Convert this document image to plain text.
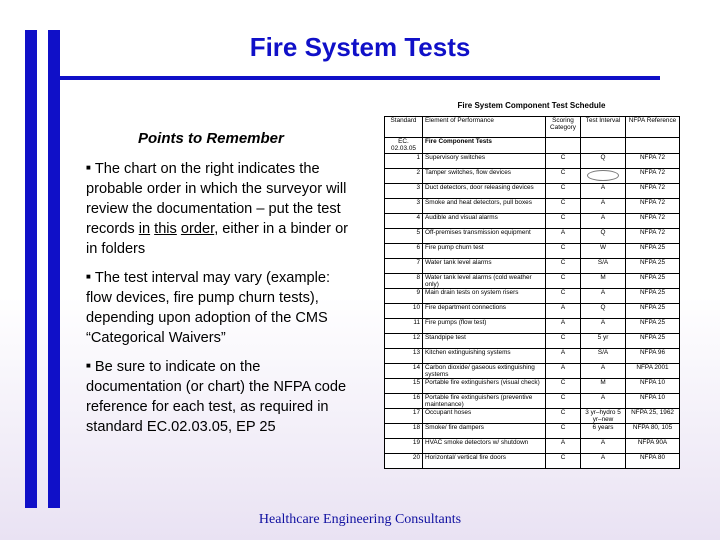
Fire System Tests
Points to Remember
■ The chart on the right indicates the probable order in which the surveyor will review the documentation – put the test records in this order, either in a binder or in folders
■ The test interval may vary (example: flow devices, fire pump churn tests), depending upon adoption of the CMS “Categorical Waivers”
■ Be sure to indicate on the documentation (or chart) the NFPA code reference for each test, as required in standard EC.02.03.05, EP 25
Fire System Component Test Schedule
Standard	Element of Performance	Scoring Category	Test Interval	NFPA Reference
EC. 02.03.05	Fire Component Tests			
1	Supervisory switches	C	Q	NFPA 72
2	Tamper switches, flow devices	C		NFPA 72
3	Duct detectors, door releasing devices	C	A	NFPA 72
3	Smoke and heat detectors, pull boxes	C	A	NFPA 72
4	Audible and visual alarms	C	A	NFPA 72
5	Off-premises transmission equipment	A	Q	NFPA 72
6	Fire pump churn test	C	W	NFPA 25
7	Water tank level alarms	C	S/A	NFPA 25
8	Water tank level alarms (cold weather only)	C	M	NFPA 25
9	Main drain tests on system risers	C	A	NFPA 25
10	Fire department connections	A	Q	NFPA 25
11	Fire pumps (flow test)	A	A	NFPA 25
12	Standpipe test	C	5 yr	NFPA 25
13	Kitchen extinguishing systems	A	S/A	NFPA 96
14	Carbon dioxide/ gaseous extinguishing systems	A	A	NFPA 2001
15	Portable fire extinguishers (visual check)	C	M	NFPA 10
16	Portable fire extinguishers (preventive maintenance)	C	A	NFPA 10
17	Occupant hoses	C	3 yr–hydro 5 yr–new	NFPA 25, 1962
18	Smoke/ fire dampers	C	6 years	NFPA 80, 105
19	HVAC smoke detectors w/ shutdown	A	A	NFPA 90A
20	Horizontal/ vertical fire doors	C	A	NFPA 80
Healthcare Engineering Consultants
